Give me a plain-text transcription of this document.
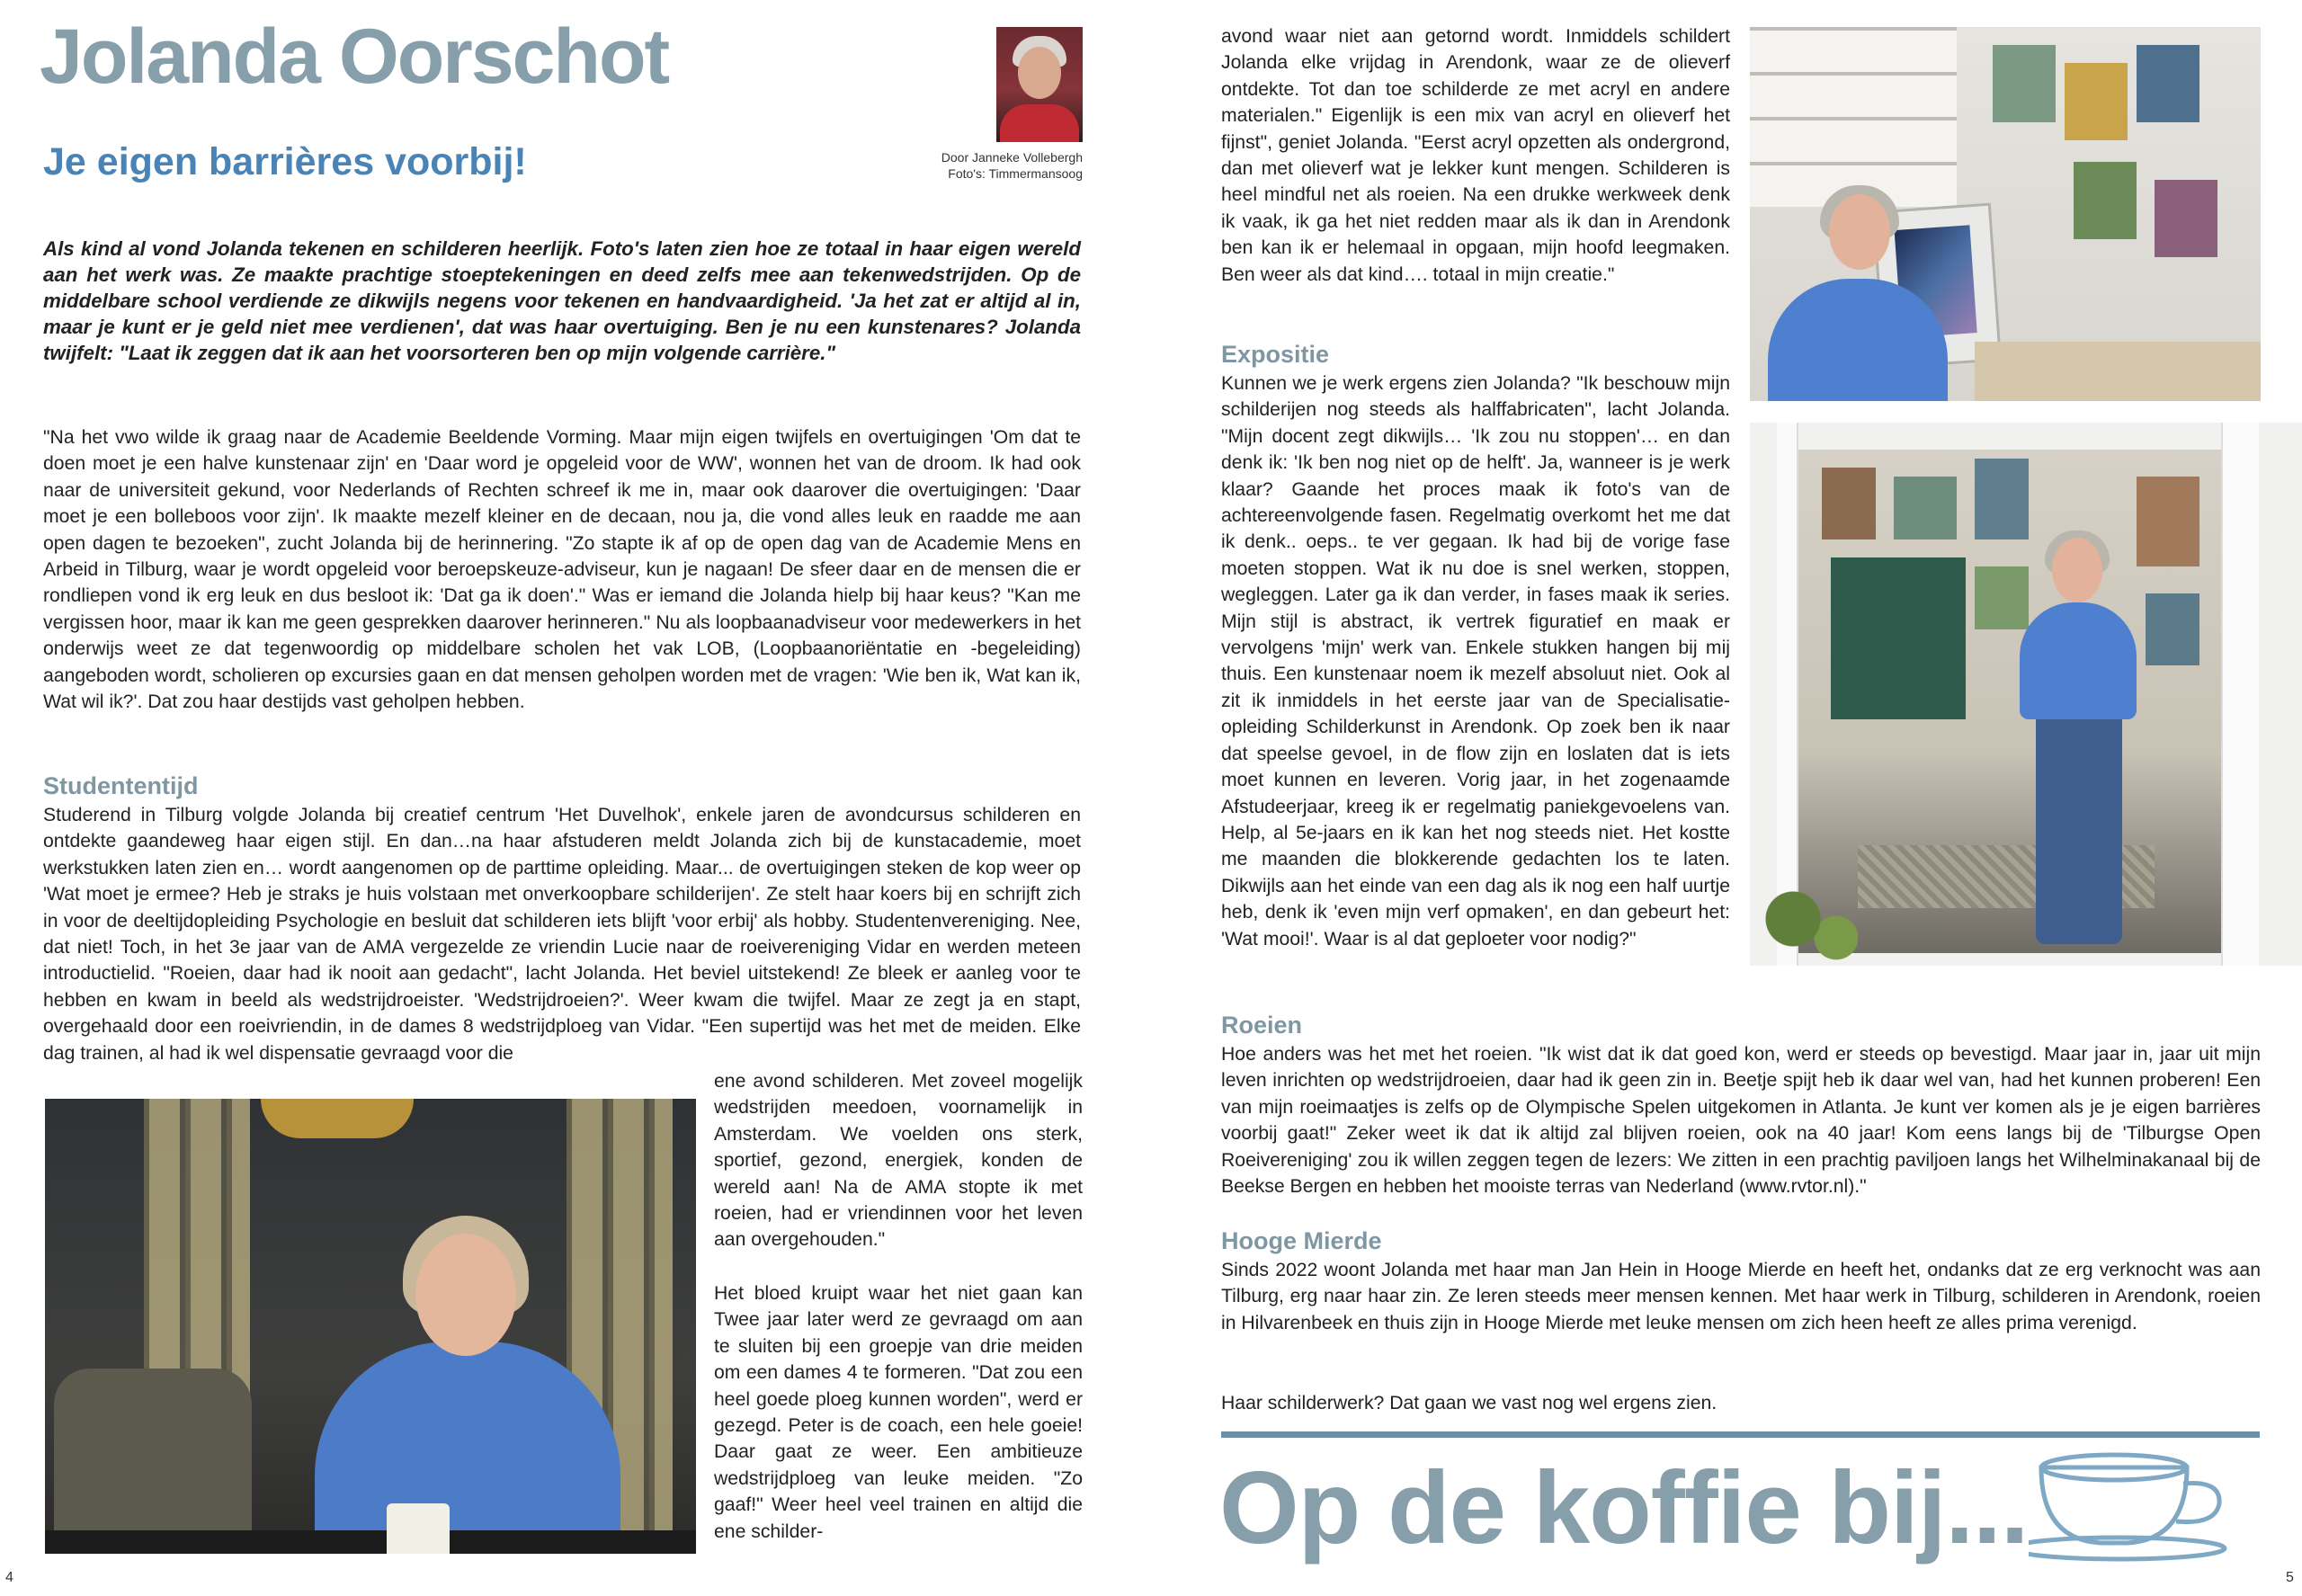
Jolanda Oorschot
Je eigen barrières voorbij!	Door Janneke Vollebergh
Foto's: Timmermansoog

Als kind al vond Jolanda tekenen en schilderen heerlijk. Foto's laten zien hoe ze totaal in haar eigen wereld aan het werk was. Ze maakte prachtige stoeptekeningen en deed zelfs mee aan tekenwedstrijden. Op de middelbare school verdiende ze dikwijls negens voor tekenen en handvaardigheid. 'Ja het zat er altijd al in, maar je kunt er je geld niet mee verdienen', dat was haar overtuiging. Ben je nu een kunstenares? Jolanda twijfelt: "Laat ik zeggen dat ik aan het voorsorteren ben op mijn volgende carrière."

"Na het vwo wilde ik graag naar de Academie Beeldende Vorming. Maar mijn eigen twijfels en overtuigingen 'Om dat te doen moet je een halve kunstenaar zijn' en 'Daar word je opgeleid voor de WW', wonnen het van de droom. Ik had ook naar de universiteit gekund, voor Nederlands of Rechten schreef ik me in, maar ook daarover die overtuigingen: 'Daar moet je een bolleboos voor zijn'. Ik maakte mezelf kleiner en de decaan, nou ja, die vond alles leuk en raadde me aan open dagen te bezoeken", zucht Jolanda bij de herinnering. "Zo stapte ik af op de open dag van de Academie Mens en Arbeid in Tilburg, waar je wordt opgeleid voor beroepskeuze-adviseur, kun je nagaan! De sfeer daar en de mensen die er rondliepen vond ik erg leuk en dus besloot ik: 'Dat ga ik doen'." Was er iemand die Jolanda hielp bij haar keus? "Kan me vergissen hoor, maar ik kan me geen gesprekken daarover herinneren." Nu als loopbaanadviseur voor medewerkers in het onderwijs weet ze dat tegenwoordig op middelbare scholen het vak LOB, (Loopbaanoriëntatie en -begeleiding) aangeboden wordt, scholieren op excursies gaan en dat mensen geholpen worden met de vragen: 'Wie ben ik, Wat kan ik, Wat wil ik?'. Dat zou haar destijds vast geholpen hebben.

Studententijd

Studerend in Tilburg volgde Jolanda bij creatief centrum 'Het Duvelhok', enkele jaren de avondcursus schilderen en ontdekte gaandeweg haar eigen stijl. En dan…na haar afstuderen meldt Jolanda zich bij de kunstacademie, moet werkstukken laten zien en… wordt aangenomen op de parttime opleiding. Maar... de overtuigingen steken de kop weer op 'Wat moet je ermee? Heb je straks je huis volstaan met onverkoopbare schilderijen'. Ze stelt haar koers bij en schrijft zich in voor de deeltijdopleiding Psychologie en besluit dat schilderen iets blijft 'voor erbij' als hobby. Studentenvereniging. Nee, dat niet! Toch, in het 3e jaar van de AMA vergezelde ze vriendin Lucie naar de roeivereniging Vidar en werden meteen introductielid. "Roeien, daar had ik nooit aan gedacht", lacht Jolanda. Het beviel uitstekend! Ze bleek er aanleg voor te hebben en kwam in beeld als wedstrijdroeister. 'Wedstrijdroeien?'. Weer kwam die twijfel. Maar ze zegt ja en stapt, overgehaald door een roeivriendin, in de dames 8 wedstrijdploeg van Vidar. "Een supertijd was het met de meiden. Elke dag trainen, al had ik wel dispensatie gevraagd voor die

ene avond schilderen. Met zoveel mogelijk wedstrijden meedoen, voornamelijk in Amsterdam. We voelden ons sterk, sportief, gezond, energiek, konden de wereld aan! Na de AMA stopte ik met roeien, had er vriendinnen voor het leven aan overgehouden."

Het bloed kruipt waar het niet gaan kan Twee jaar later werd ze gevraagd om aan te sluiten bij een groepje van drie meiden om een dames 4 te formeren. "Dat zou een heel goede ploeg kunnen worden", werd er gezegd. Peter is de coach, een hele goeie! Daar gaat ze weer. Een ambitieuze wedstrijdploeg van leuke meiden. "Zo gaaf!" Weer heel veel trainen en altijd die ene schilder-

4

avond waar niet aan getornd wordt. Inmiddels schildert Jolanda elke vrijdag in Arendonk, waar ze de olieverf ontdekte. Tot dan toe schilderde ze met acryl en andere materialen." Eigenlijk is een mix van acryl en olieverf het fijnst", geniet Jolanda. "Eerst acryl opzetten als ondergrond, dan met olieverf wat je lekker kunt mengen. Schilderen is heel mindful net als roeien. Na een drukke werkweek denk ik vaak, ik ga het niet redden maar als ik dan in Arendonk ben kan ik er helemaal in opgaan, mijn hoofd leegmaken. Ben weer als dat kind…. totaal in mijn creatie."

Expositie

Kunnen we je werk ergens zien Jolanda? "Ik beschouw mijn schilderijen nog steeds als halffabricaten", lacht Jolanda. "Mijn docent zegt dikwijls… 'Ik zou nu stoppen'… en dan denk ik: 'Ik ben nog niet op de helft'. Ja, wanneer is je werk klaar? Gaande het proces maak ik foto's van de achtereenvolgende fasen. Regelmatig overkomt het me dat ik denk.. oeps.. te ver gegaan. Ik had bij de vorige fase moeten stoppen. Wat ik nu doe is snel werken, stoppen, wegleggen. Later ga ik dan verder, in fases maak ik series. Mijn stijl is abstract, ik vertrek figuratief en maak er vervolgens 'mijn' werk van. Enkele stukken hangen bij mij thuis. Een kunstenaar noem ik mezelf absoluut niet. Ook al zit ik inmiddels in het eerste jaar van de Specialisatie-opleiding Schilderkunst in Arendonk. Op zoek ben ik naar dat speelse gevoel, in de flow zijn en loslaten dat is iets moet kunnen en leveren. Vorig jaar, in het zogenaamde Afstudeerjaar, kreeg ik er regelmatig paniekgevoelens van. Help, al 5e-jaars en ik kan het nog steeds niet. Het kostte me maanden die blokkerende gedachten los te laten. Dikwijls aan het einde van een dag als ik nog een half uurtje heb, denk ik 'even mijn verf opmaken', en dan gebeurt het: 'Wat mooi!'. Waar is al dat geploeter voor nodig?"

Roeien

Hoe anders was het met het roeien. "Ik wist dat ik dat goed kon, werd er steeds op bevestigd. Maar jaar in, jaar uit mijn leven inrichten op wedstrijdroeien, daar had ik geen zin in. Beetje spijt heb ik daar wel van, had het kunnen proberen! Een van mijn roeimaatjes is zelfs op de Olympische Spelen uitgekomen in Atlanta. Je kunt ver komen als je je eigen barrières voorbij gaat!" Zeker weet ik dat ik altijd zal blijven roeien, ook na 40 jaar! Kom eens langs bij de 'Tilburgse Open Roeivereniging' zou ik willen zeggen tegen de lezers: We zitten in een prachtig paviljoen langs het Wilhelminakanaal bij de Beekse Bergen en hebben het mooiste terras van Nederland (www.rvtor.nl)."

Hooge Mierde

Sinds 2022 woont Jolanda met haar man Jan Hein in Hooge Mierde en heeft het, ondanks dat ze erg verknocht was aan Tilburg, erg naar haar zin. Ze leren steeds meer mensen kennen. Met haar werk in Tilburg, schilderen in Arendonk, roeien in Hilvarenbeek en thuis zijn in Hooge Mierde met leuke mensen om zich heen heeft ze alles prima verenigd.

Haar schilderwerk? Dat gaan we vast nog wel ergens zien.

5
Op de koffie bij...
